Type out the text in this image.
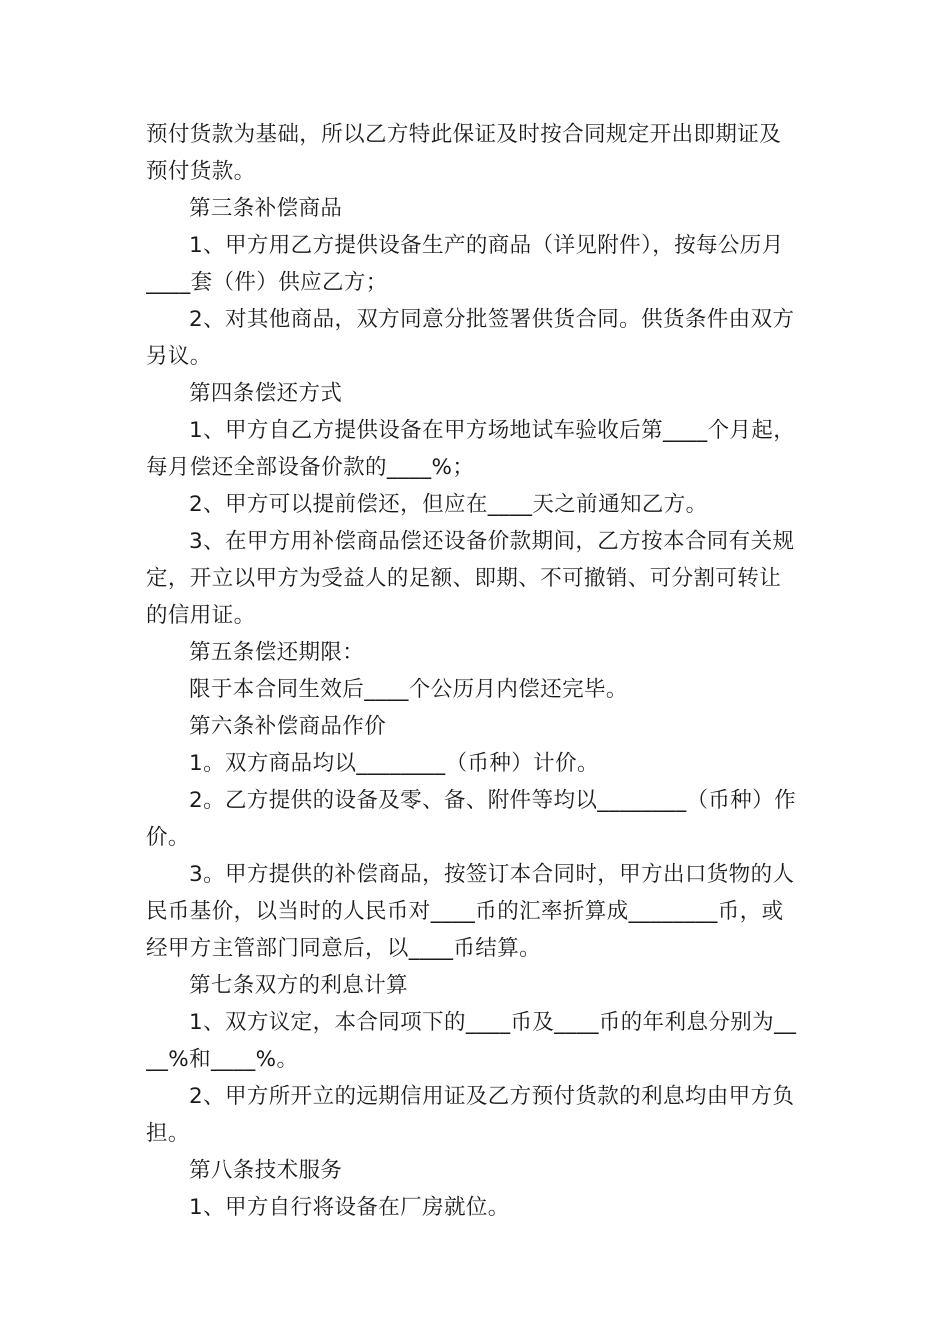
预付货款为基础，所以乙方特此保证及时按合同规定开出即期证及
预付货款。
第三条补偿商品
1、甲方用乙方提供设备生产的商品（详见附件），按每公历月
____套（件）供应乙方；
2、对其他商品，双方同意分批签署供货合同。供货条件由双方
另议。
第四条偿还方式
1、甲方自乙方提供设备在甲方场地试车验收后第____个月起，
每月偿还全部设备价款的____%；
2、甲方可以提前偿还，但应在____天之前通知乙方。
3、在甲方用补偿商品偿还设备价款期间，乙方按本合同有关规
定，开立以甲方为受益人的足额、即期、不可撤销、可分割可转让
的信用证。
第五条偿还期限：
限于本合同生效后____个公历月内偿还完毕。
第六条补偿商品作价
1。双方商品均以________（币种）计价。
2。乙方提供的设备及零、备、附件等均以________（币种）作
价。
3。甲方提供的补偿商品，按签订本合同时，甲方出口货物的人
民币基价，以当时的人民币对____币的汇率折算成________币，或
经甲方主管部门同意后，以____币结算。
第七条双方的利息计算
1、双方议定，本合同项下的____币及____币的年利息分别为__
__%和____%。
2、甲方所开立的远期信用证及乙方预付货款的利息均由甲方负
担。
第八条技术服务
1、甲方自行将设备在厂房就位。
